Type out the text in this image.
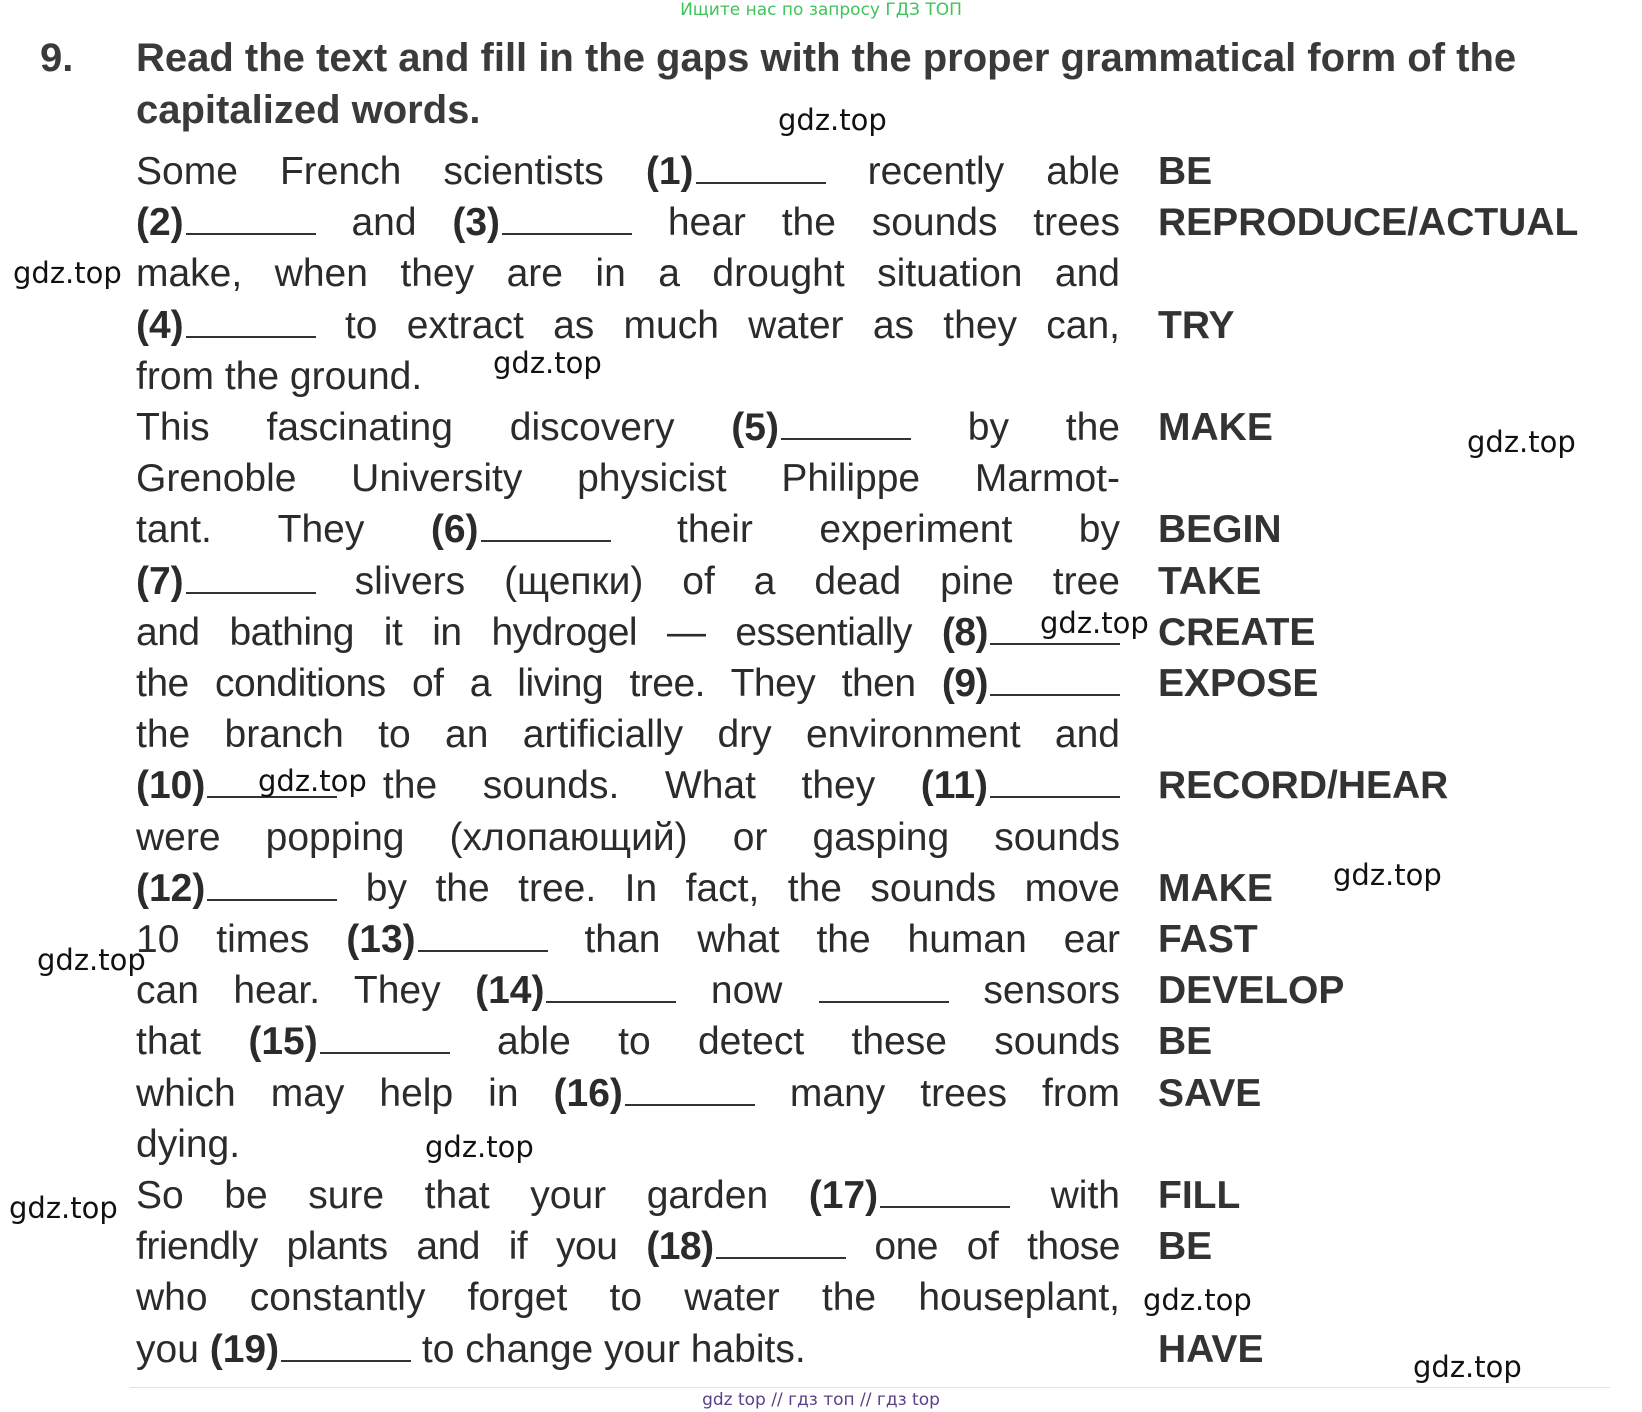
Ищите нас по запросу ГДЗ ТОП
9. Read the text and fill in the gaps with the proper grammatical form of the capitalized words.
Some French scientists (1)	recently able BE
(2)	and (3)	hear the sounds trees REPRODUCE/ACTUAL
make, when they are in a drought situation and
(4)	to extract as much water as they can, TRY
from the ground.
This fascinating discovery (5)	by the MAKE
Grenoble University physicist Philippe Marmot-
tant. They (6)	their experiment by BEGIN
(7)	slivers (щепки) of a dead pine tree TAKE
and bathing it in hydrogel — essentially (8)	CREATE
the conditions of a living tree. They then (9)	EXPOSE
the branch to an artificially dry environment and
(10)	the sounds. What they (11)	RECORD/HEAR
were popping (хлопающий) or gasping sounds
(12)	by the tree. In fact, the sounds move MAKE
10 times (13)	than what the human ear FAST
can hear. They (14)	now	sensors DEVELOP
that (15)	able to detect these sounds BE
which may help in (16)	many trees from SAVE
dying.
So be sure that your garden (17)	with FILL
friendly plants and if you (18)	one of those BE
who constantly forget to water the houseplant,
you (19)	to change your habits.	HAVE
gdz.top
gdz.top
gdz.top
gdz.top
gdz.top
gdz.top
gdz.top
gdz.top
gdz.top
gdz.top
gdz.top
gdz.top
gdz top // гдз топ // гдз top
